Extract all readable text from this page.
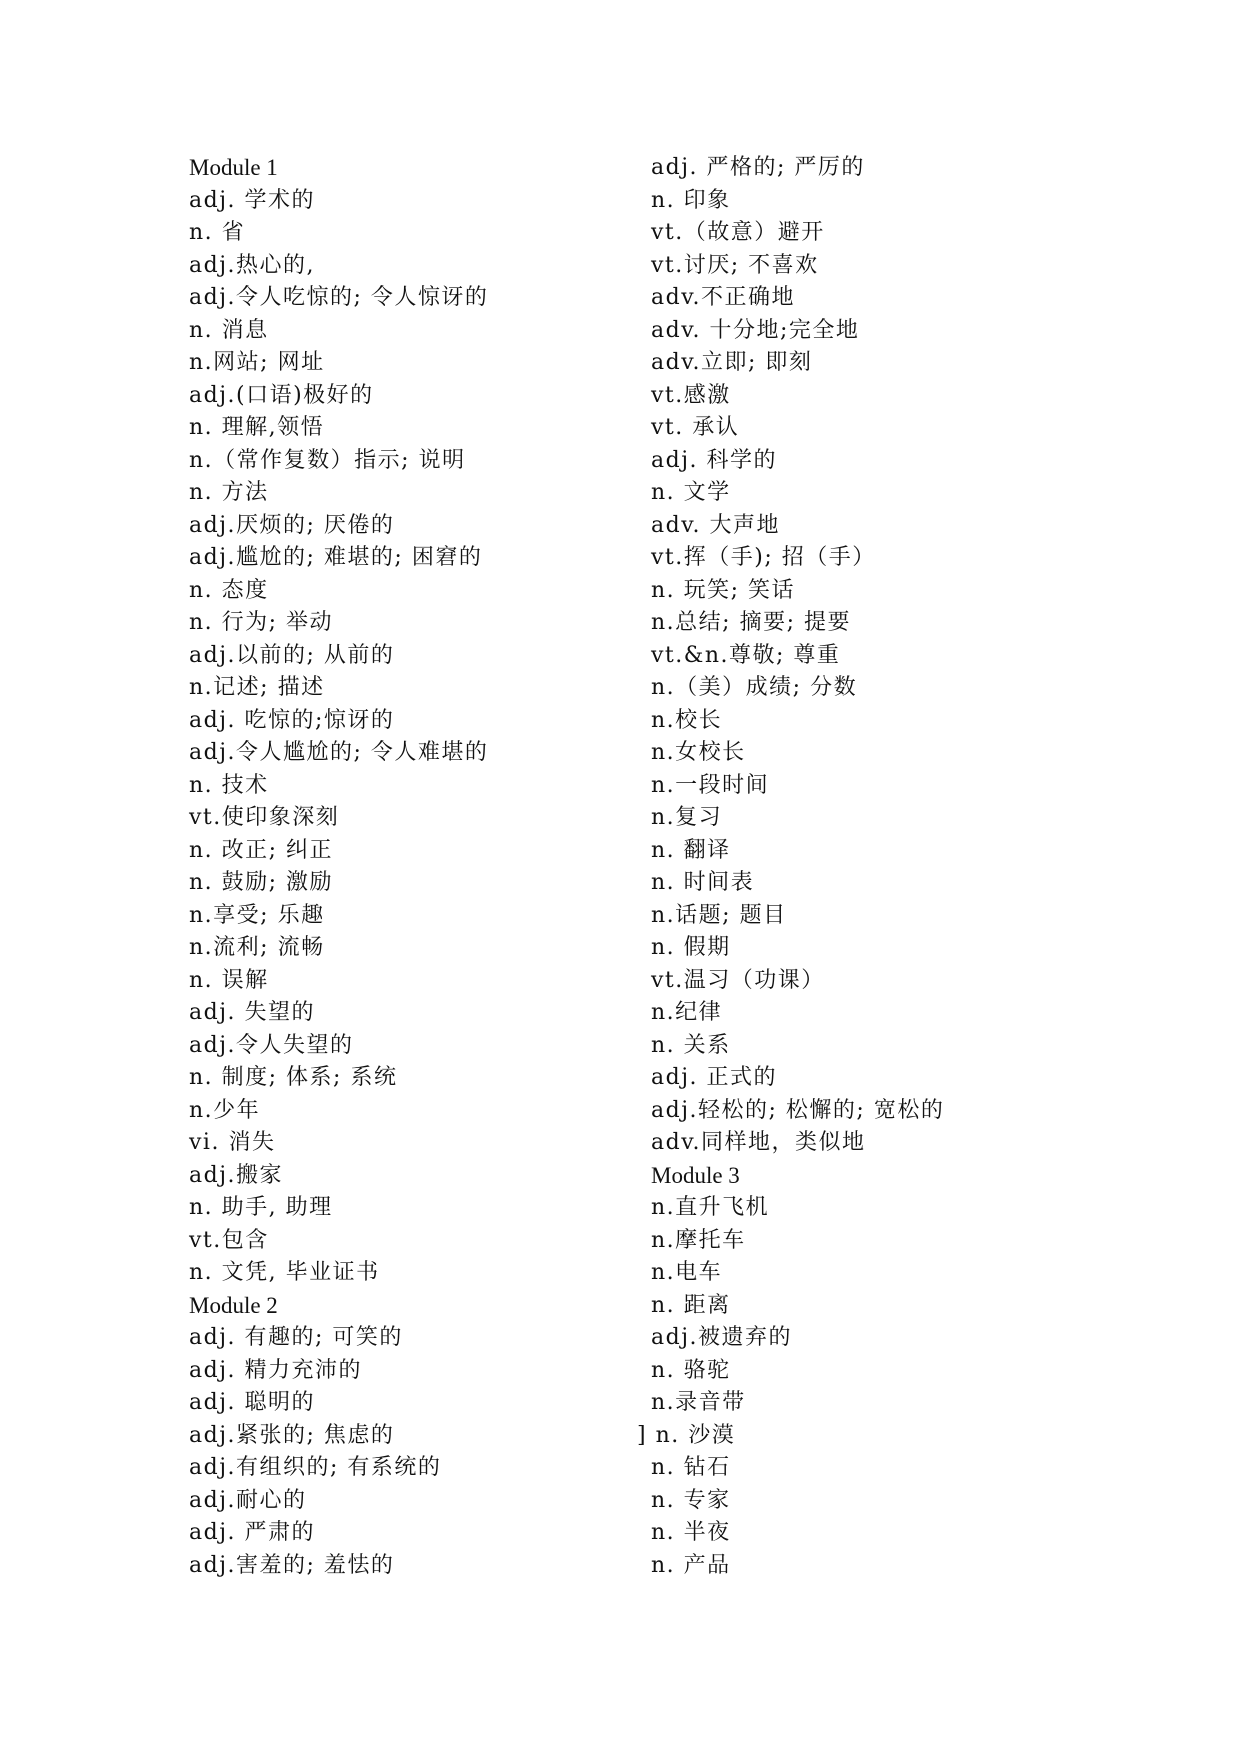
Module 1
adj. 学术的
n. 省
adj.热心的,
adj.令人吃惊的; 令人惊讶的
n. 消息
n.网站; 网址
adj.(口语)极好的
n. 理解,领悟
n.（常作复数）指示; 说明
n. 方法
adj.厌烦的; 厌倦的
adj.尴尬的; 难堪的; 困窘的
n. 态度
n. 行为; 举动
adj.以前的; 从前的
n.记述; 描述
adj. 吃惊的;惊讶的
adj.令人尴尬的; 令人难堪的
n. 技术
vt.使印象深刻
n. 改正; 纠正
n. 鼓励; 激励
n.享受; 乐趣
n.流利; 流畅
n. 误解
adj. 失望的
adj.令人失望的
n. 制度; 体系; 系统
n.少年
vi. 消失
adj.搬家
n. 助手, 助理
vt.包含
n. 文凭, 毕业证书
Module 2
adj. 有趣的; 可笑的
adj. 精力充沛的
adj. 聪明的
adj.紧张的; 焦虑的
adj.有组织的; 有系统的
adj.耐心的
adj. 严肃的
adj.害羞的; 羞怯的
adj. 严格的; 严厉的
n. 印象
vt.（故意）避开
vt.讨厌; 不喜欢
adv.不正确地
adv. 十分地;完全地
adv.立即; 即刻
vt.感激
vt. 承认
adj. 科学的
n. 文学
adv. 大声地
vt.挥（手); 招（手）
n. 玩笑; 笑话
n.总结; 摘要; 提要
vt.&n.尊敬; 尊重
n.（美）成绩; 分数
n.校长
n.女校长
n.一段时间
n.复习
n. 翻译
n. 时间表
n.话题; 题目
n. 假期
vt.温习（功课）
n.纪律
n. 关系
adj. 正式的
adj.轻松的; 松懈的; 宽松的
adv.同样地，类似地
Module 3
n.直升飞机
n.摩托车
n.电车
n. 距离
adj.被遗弃的
n. 骆驼
n.录音带
] n. 沙漠
n. 钻石
n. 专家
n. 半夜
n. 产品
